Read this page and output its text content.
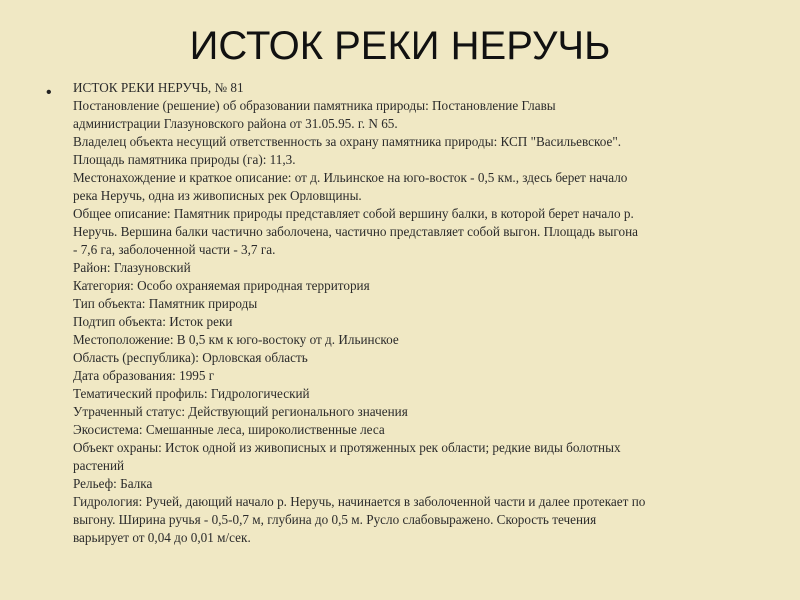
ИСТОК РЕКИ НЕРУЧЬ
• ИСТОК РЕКИ НЕРУЧЬ, № 81
Постановление (решение) об образовании памятника природы: Постановление Главы
администрации Глазуновского района от 31.05.95. г. N 65.
Владелец объекта несущий ответственность за охрану памятника природы: КСП "Васильевское".
Площадь памятника природы (га): 11,3.
Местонахождение и краткое описание: от д. Ильинское на юго-восток - 0,5 км., здесь берет начало
река Неручь, одна из живописных рек Орловщины.
Общее описание: Памятник природы представляет собой вершину балки, в которой берет начало р.
Неручь. Вершина балки частично заболочена, частично представляет собой выгон. Площадь выгона
- 7,6 га, заболоченной части - 3,7 га.
Район: Глазуновский
Категория: Особо охраняемая природная территория
Тип объекта: Памятник природы
Подтип объекта: Исток реки
Местоположение: В 0,5 км к юго-востоку от д. Ильинское
Область (республика): Орловская область
Дата образования: 1995 г
Тематический профиль: Гидрологический
Утраченный статус: Действующий регионального значения
Экосистема: Смешанные леса, широколиственные леса
Объект охраны: Исток одной из живописных и протяженных рек области; редкие виды болотных
растений
Рельеф: Балка
Гидрология: Ручей, дающий начало р. Неручь, начинается в заболоченной части и далее протекает по
выгону. Ширина ручья - 0,5-0,7 м, глубина до 0,5 м. Русло слабовыражено. Скорость течения
варьирует от 0,04 до 0,01 м/сек.
